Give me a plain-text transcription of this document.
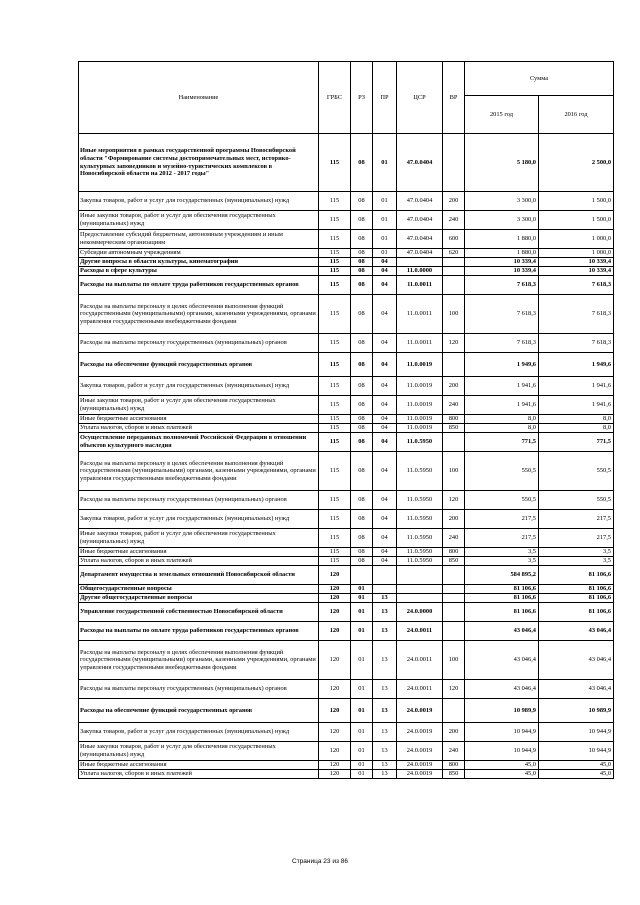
Наименование	ГРБС	РЗ	ПР	ЦСР	ВР	Сумма	
						2015 год	2016 год
Иные мероприятия в рамках государственной программы Новосибирской области "Формирование системы достопримечательных мест, историко-культурных заповедников и музейно-туристических комплексов в Новосибирской области на 2012 - 2017 годы"	115	08	01	47.0.0404		5 180,0	2 500,0
Закупка товаров, работ и услуг для государственных (муниципальных) нужд	115	08	01	47.0.0404	200	3 300,0	1 500,0
Иные закупки товаров, работ и услуг для обеспечения государственных (муниципальных) нужд	115	08	01	47.0.0404	240	3 300,0	1 500,0
Предоставление субсидий бюджетным, автономным учреждениям и иным некоммерческим организациям	115	08	01	47.0.0404	600	1 880,0	1 000,0
Субсидии автономным учреждениям	115	08	01	47.0.0404	620	1 880,0	1 000,0
Другие вопросы в области культуры, кинематографии	115	08	04			10 339,4	10 339,4
Расходы в сфере культуры	115	08	04	11.0.0000		10 339,4	10 339,4
Расходы на выплаты по оплате труда работников государственных органов	115	08	04	11.0.0011		7 618,3	7 618,3
Расходы на выплаты персоналу в целях обеспечения выполнения функций государственными (муниципальными) органами, казенными учреждениями, органами управления государственными внебюджетными фондами	115	08	04	11.0.0011	100	7 618,3	7 618,3
Расходы на выплаты персоналу государственных (муниципальных) органов	115	08	04	11.0.0011	120	7 618,3	7 618,3
Расходы на обеспечение функций государственных органов	115	08	04	11.0.0019		1 949,6	1 949,6
Закупка товаров, работ и услуг для государственных (муниципальных) нужд	115	08	04	11.0.0019	200	1 941,6	1 941,6
Иные закупки товаров, работ и услуг для обеспечения государственных (муниципальных) нужд	115	08	04	11.0.0019	240	1 941,6	1 941,6
Иные бюджетные ассигнования	115	08	04	11.0.0019	800	8,0	8,0
Уплата налогов, сборов и иных платежей	115	08	04	11.0.0019	850	8,0	8,0
Осуществление переданных полномочий Российской Федерации в отношении объектов культурного наследия	115	08	04	11.0.5950		771,5	771,5
Расходы на выплаты персоналу в целях обеспечения выполнения функций государственными (муниципальными) органами, казенными учреждениями, органами управления государственными внебюджетными фондами	115	08	04	11.0.5950	100	550,5	550,5
Расходы на выплаты персоналу государственных (муниципальных) органов	115	08	04	11.0.5950	120	550,5	550,5
Закупка товаров, работ и услуг для государственных (муниципальных) нужд	115	08	04	11.0.5950	200	217,5	217,5
Иные закупки товаров, работ и услуг для обеспечения государственных (муниципальных) нужд	115	08	04	11.0.5950	240	217,5	217,5
Иные бюджетные ассигнования	115	08	04	11.0.5950	800	3,5	3,5
Уплата налогов, сборов и иных платежей	115	08	04	11.0.5950	850	3,5	3,5
Департамент имущества и земельных отношений Новосибирской области	120					584 895,2	81 106,6
Общегосударственные вопросы	120	01				81 106,6	81 106,6
Другие общегосударственные вопросы	120	01	13			81 106,6	81 106,6
Управление государственной собственностью Новосибирской области	120	01	13	24.0.0000		81 106,6	81 106,6
Расходы на выплаты по оплате труда работников государственных органов	120	01	13	24.0.0011		43 046,4	43 046,4
Расходы на выплаты персоналу в целях обеспечения выполнения функций государственными (муниципальными) органами, казенными учреждениями, органами управления государственными внебюджетными фондами	120	01	13	24.0.0011	100	43 046,4	43 046,4
Расходы на выплаты персоналу государственных (муниципальных) органов	120	01	13	24.0.0011	120	43 046,4	43 046,4
Расходы на обеспечение функций государственных органов	120	01	13	24.0.0019		10 989,9	10 989,9
Закупка товаров, работ и услуг для государственных (муниципальных) нужд	120	01	13	24.0.0019	200	10 944,9	10 944,9
Иные закупки товаров, работ и услуг для обеспечения государственных (муниципальных) нужд	120	01	13	24.0.0019	240	10 944,9	10 944,9
Иные бюджетные ассигнования	120	01	13	24.0.0019	800	45,0	45,0
Уплата налогов, сборов и иных платежей	120	01	13	24.0.0019	850	45,0	45,0
Страница 23 из 86
